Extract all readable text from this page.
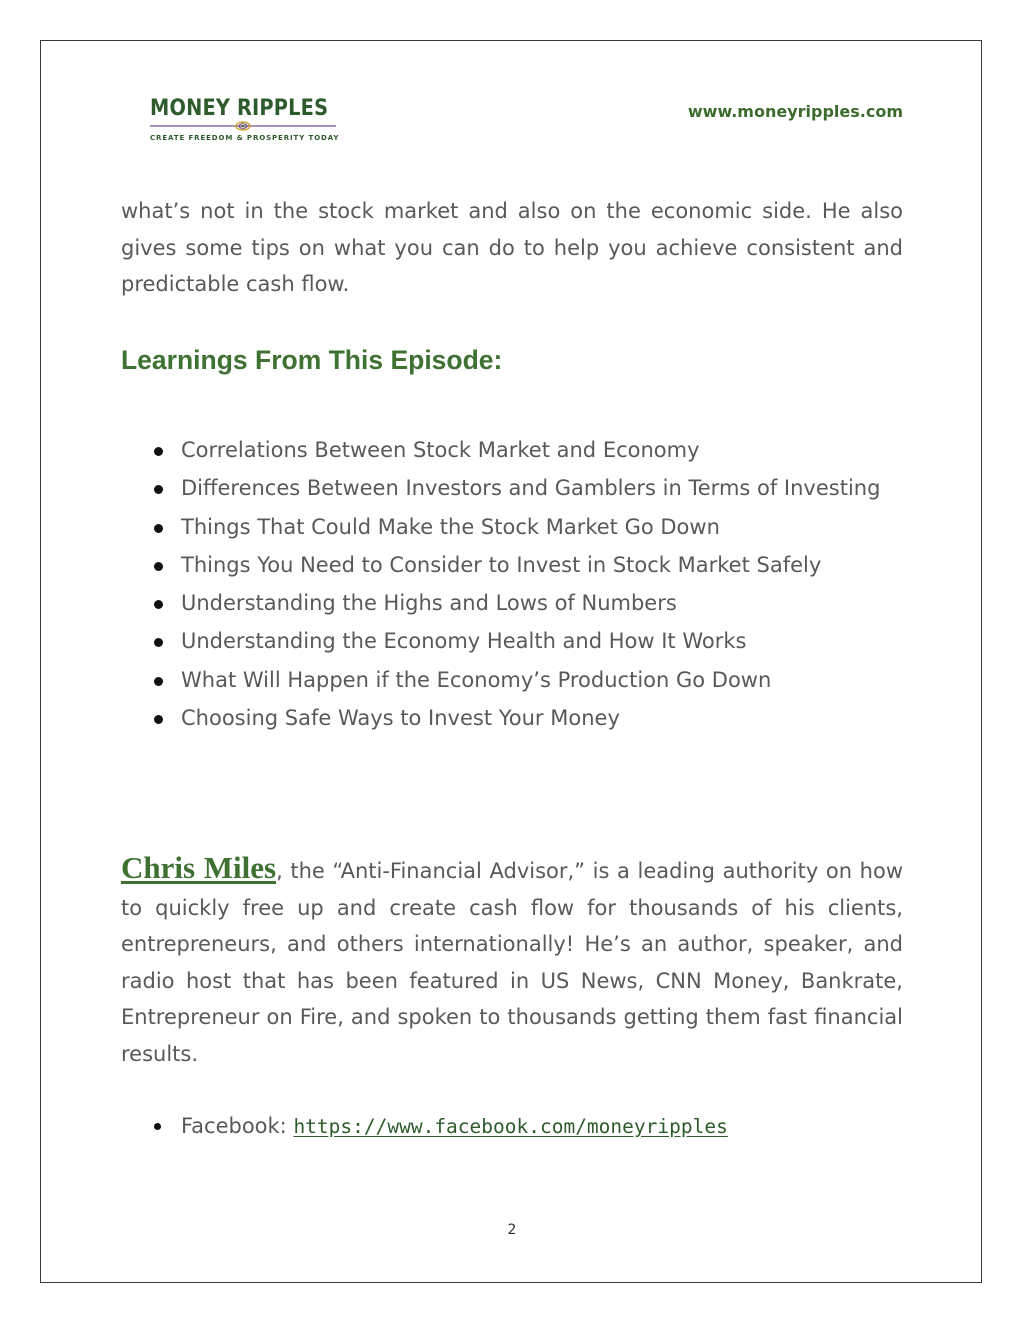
MONEY RIPPLES
CREATE FREEDOM & PROSPERITY TODAY
www.moneyripples.com

what’s not in the stock market and also on the economic side. He also gives some tips on what you can do to help you achieve consistent and predictable cash flow.

Learnings From This Episode:
Correlations Between Stock Market and Economy
Differences Between Investors and Gamblers in Terms of Investing
Things That Could Make the Stock Market Go Down
Things You Need to Consider to Invest in Stock Market Safely
Understanding the Highs and Lows of Numbers
Understanding the Economy Health and How It Works
What Will Happen if the Economy’s Production Go Down
Choosing Safe Ways to Invest Your Money

Chris Miles, the “Anti-Financial Advisor,” is a leading authority on how to quickly free up and create cash flow for thousands of his clients, entrepreneurs, and others internationally! He’s an author, speaker, and radio host that has been featured in US News, CNN Money, Bankrate, Entrepreneur on Fire, and spoken to thousands getting them fast financial results.

Facebook: https://www.facebook.com/moneyripples
2
